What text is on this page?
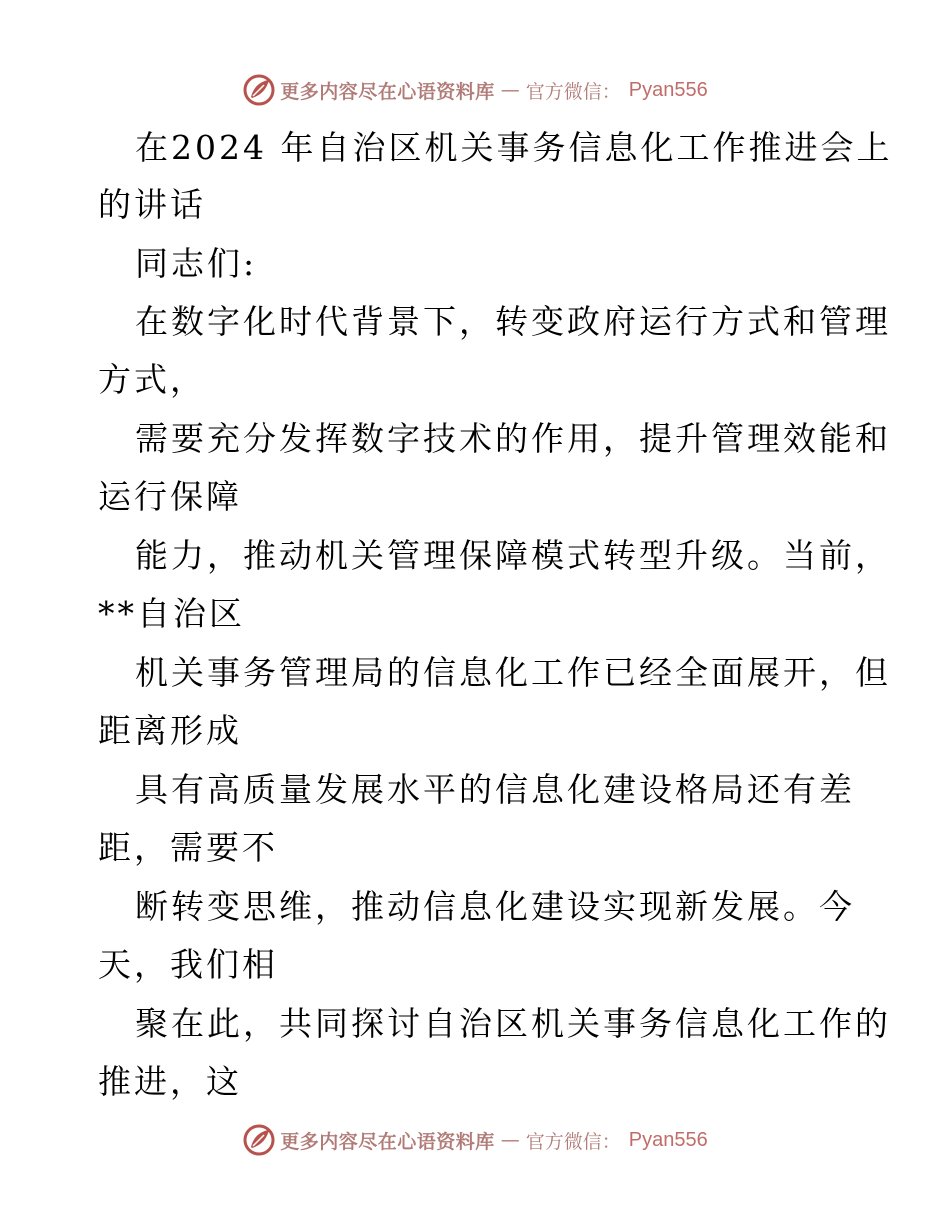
更多内容尽在心语资料库 — 官方微信： Pyan556
在2024 年自治区机关事务信息化工作推进会上
的讲话
同志们:
在数字化时代背景下，转变政府运行方式和管理
方式，
需要充分发挥数字技术的作用，提升管理效能和
运行保障
能力，推动机关管理保障模式转型升级。当前，
**自治区
机关事务管理局的信息化工作已经全面展开，但
距离形成
具有高质量发展水平的信息化建设格局还有差
距，需要不
断转变思维，推动信息化建设实现新发展。今
天，我们相
聚在此，共同探讨自治区机关事务信息化工作的
推进，这
更多内容尽在心语资料库 — 官方微信： Pyan556
